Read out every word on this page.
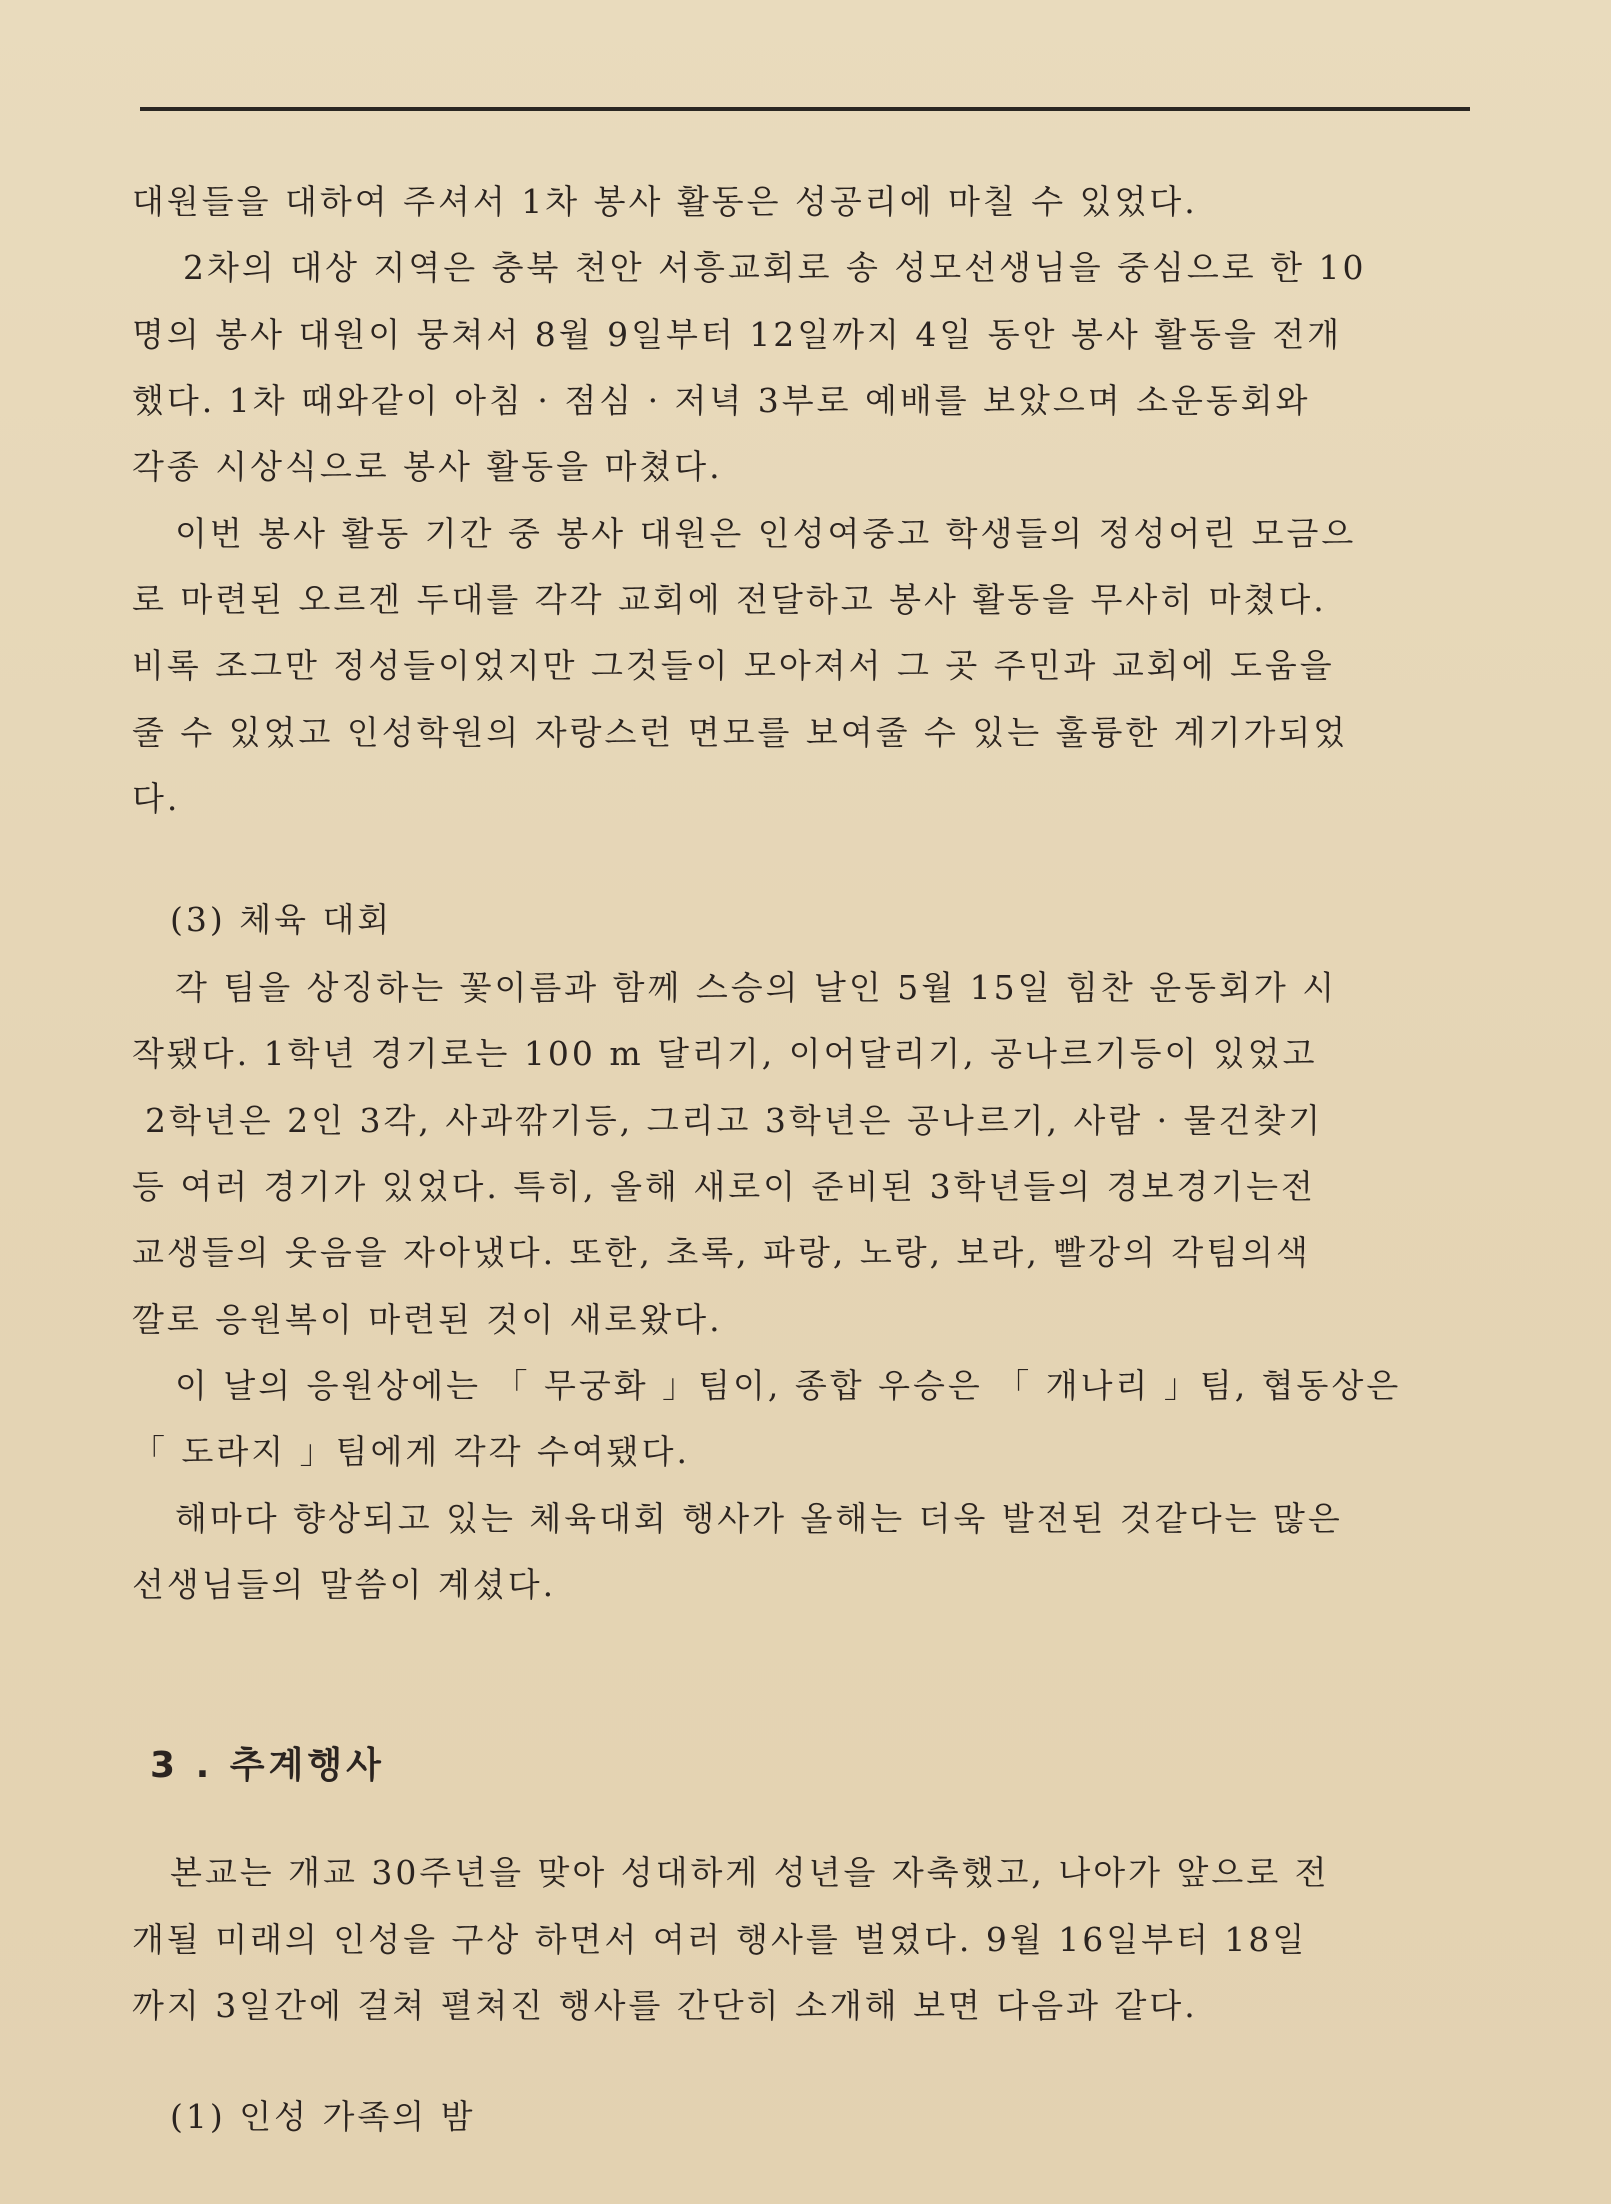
대원들을 대하여 주셔서 1차 봉사 활동은 성공리에 마칠 수 있었다.
2차의 대상 지역은 충북 천안 서흥교회로 송 성모선생님을 중심으로 한 10
명의 봉사 대원이 뭉쳐서 8월 9일부터 12일까지 4일 동안 봉사 활동을 전개
했다. 1차 때와같이 아침 · 점심 · 저녁 3부로 예배를 보았으며 소운동회와
각종 시상식으로 봉사 활동을 마쳤다.
이번 봉사 활동 기간 중 봉사 대원은 인성여중고 학생들의 정성어린 모금으
로 마련된 오르겐 두대를 각각 교회에 전달하고 봉사 활동을 무사히 마쳤다.
비록 조그만 정성들이었지만 그것들이 모아져서 그 곳 주민과 교회에 도움을
줄 수 있었고 인성학원의 자랑스런 면모를 보여줄 수 있는 훌륭한 계기가되었
다.
(3) 체육 대회
각 팀을 상징하는 꽃이름과 함께 스승의 날인 5월 15일 힘찬 운동회가 시
작됐다. 1학년 경기로는 100 m 달리기, 이어달리기, 공나르기등이 있었고
2학년은 2인 3각, 사과깎기등, 그리고 3학년은 공나르기, 사람 · 물건찾기
등 여러 경기가 있었다. 특히, 올해 새로이 준비된 3학년들의 경보경기는전
교생들의 웃음을 자아냈다. 또한, 초록, 파랑, 노랑, 보라, 빨강의 각팀의색
깔로 응원복이 마련된 것이 새로왔다.
이 날의 응원상에는 「 무궁화 」팀이, 종합 우승은 「 개나리 」팀, 협동상은
「 도라지 」팀에게 각각 수여됐다.
해마다 향상되고 있는 체육대회 행사가 올해는 더욱 발전된 것같다는 많은
선생님들의 말씀이 계셨다.
3 . 추계행사
본교는 개교 30주년을 맞아 성대하게 성년을 자축했고, 나아가 앞으로 전
개될 미래의 인성을 구상 하면서 여러 행사를 벌였다. 9월 16일부터 18일
까지 3일간에 걸쳐 펼쳐진 행사를 간단히 소개해 보면 다음과 같다.
(1) 인성 가족의 밤
